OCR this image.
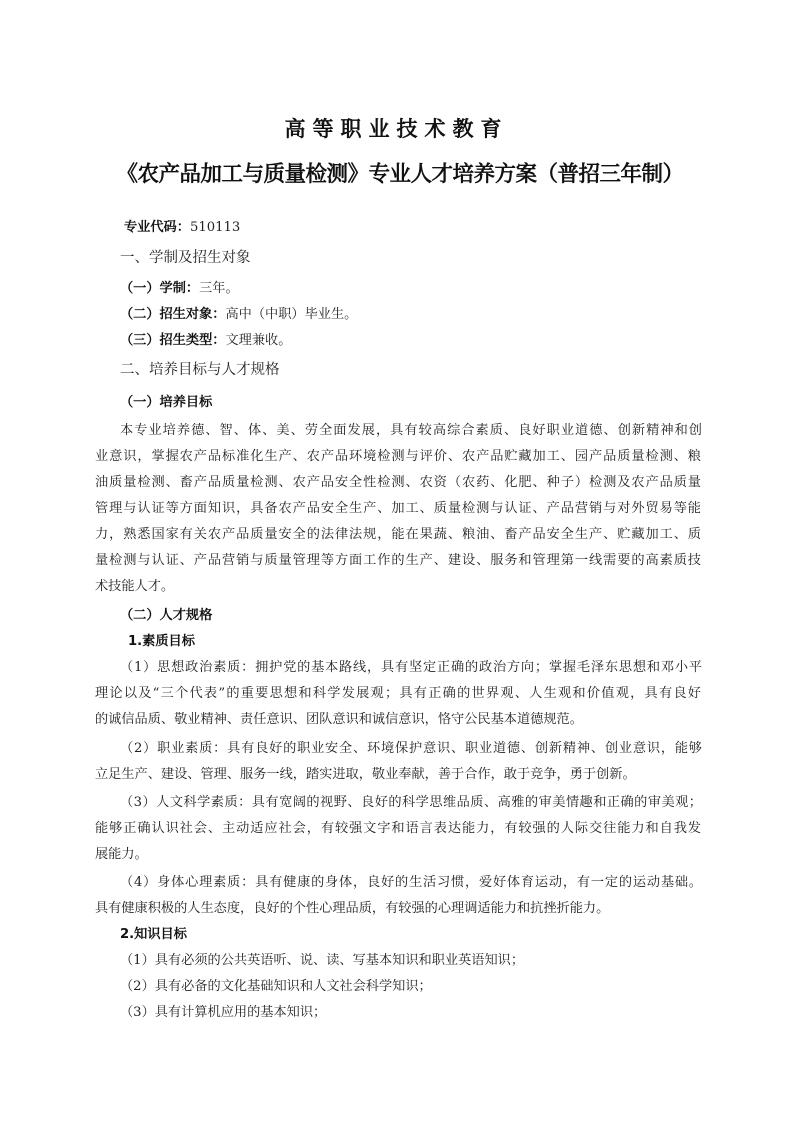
高等职业技术教育
《农产品加工与质量检测》专业人才培养方案（普招三年制）
专业代码：510113
一、学制及招生对象
（一）学制：三年。
（二）招生对象：高中（中职）毕业生。
（三）招生类型：文理兼收。
二、培养目标与人才规格
（一）培养目标
本专业培养德、智、体、美、劳全面发展，具有较高综合素质、良好职业道德、创新精神和创
业意识，掌握农产品标准化生产、农产品环境检测与评价、农产品贮藏加工、园产品质量检测、粮
油质量检测、畜产品质量检测、农产品安全性检测、农资（农药、化肥、种子）检测及农产品质量
管理与认证等方面知识，具备农产品安全生产、加工、质量检测与认证、产品营销与对外贸易等能
力，熟悉国家有关农产品质量安全的法律法规，能在果蔬、粮油、畜产品安全生产、贮藏加工、质
量检测与认证、产品营销与质量管理等方面工作的生产、建设、服务和管理第一线需要的高素质技
术技能人才。
（二）人才规格
1.素质目标
（1）思想政治素质：拥护党的基本路线，具有坚定正确的政治方向；掌握毛泽东思想和邓小平
理论以及“三个代表”的重要思想和科学发展观；具有正确的世界观、人生观和价值观，具有良好
的诚信品质、敬业精神、责任意识、团队意识和诚信意识，恪守公民基本道德规范。
（2）职业素质：具有良好的职业安全、环境保护意识、职业道德、创新精神、创业意识，能够
立足生产、建设、管理、服务一线，踏实进取，敬业奉献，善于合作，敢于竞争，勇于创新。
（3）人文科学素质：具有宽阔的视野、良好的科学思维品质、高雅的审美情趣和正确的审美观；
能够正确认识社会、主动适应社会，有较强文字和语言表达能力，有较强的人际交往能力和自我发
展能力。
（4）身体心理素质：具有健康的身体，良好的生活习惯，爱好体育运动，有一定的运动基础。
具有健康积极的人生态度，良好的个性心理品质，有较强的心理调适能力和抗挫折能力。
2.知识目标
（1）具有必须的公共英语听、说、读、写基本知识和职业英语知识；
（2）具有必备的文化基础知识和人文社会科学知识；
（3）具有计算机应用的基本知识；
